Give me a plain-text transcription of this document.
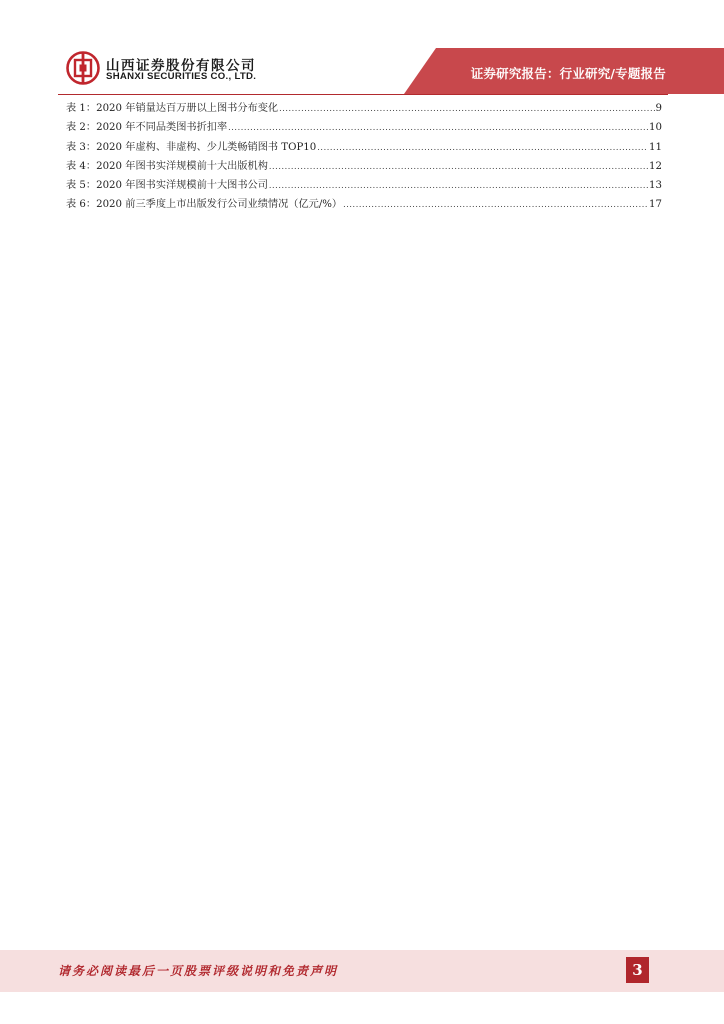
山西证券股份有限公司
SHANXI SECURITIES CO., LTD.	证券研究报告：行业研究/专题报告
表 1：2020 年销量达百万册以上图书分布变化 .....	9
表 2：2020 年不同品类图书折扣率 .....	10
表 3：2020 年虚构、非虚构、少儿类畅销图书 TOP10 .....	11
表 4：2020 年图书实洋规模前十大出版机构 .....	12
表 5：2020 年图书实洋规模前十大图书公司 .....	13
表 6：2020 前三季度上市出版发行公司业绩情况（亿元/%） .....	17
请务必阅读最后一页股票评级说明和免责声明	3
